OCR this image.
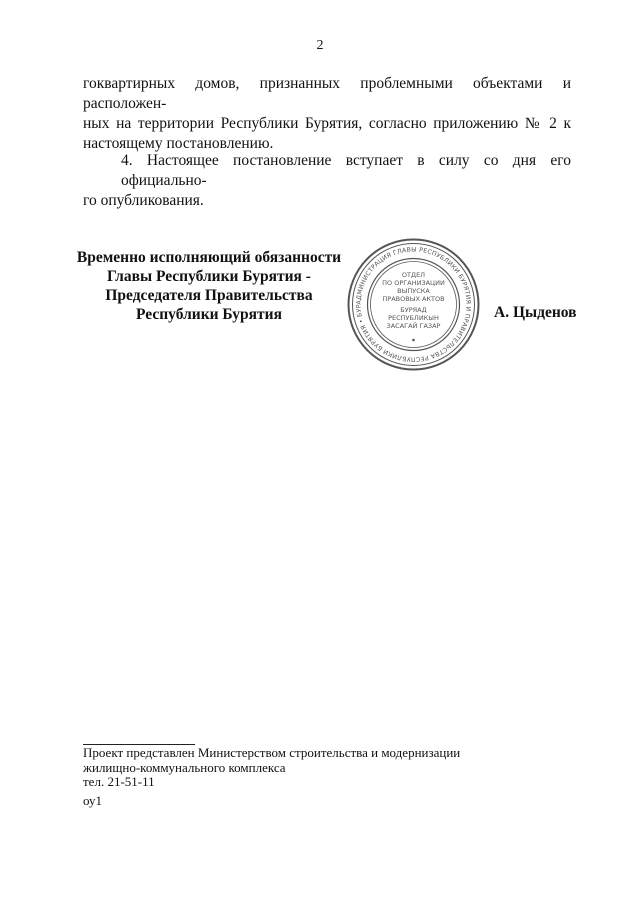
2
гоквартирных домов, признанных проблемными объектами и расположен-
ных на территории Республики Бурятия, согласно приложению № 2 к
настоящему постановлению.
4. Настоящее постановление вступает в силу со дня его официально-
го опубликования.
Временно исполняющий обязанности
Главы Республики Бурятия -
Председателя Правительства
Республики Бурятия
АДМИНИСТРАЦИЯ ГЛАВЫ РЕСПУБЛИКИ БУРЯТИЯ И ПРАВИТЕЛЬСТВА РЕСПУБЛИКИ БУРЯТИЯ • БУР
ОТДЕЛ
ПО ОРГАНИЗАЦИИ
ВЫПУСКА
ПРАВОВЫХ АКТОВ
БУРЯАД
РЕСПУБЛИКЫН
ЗАСАГАЙ ГАЗАР
А. Цыденов
Проект представлен Министерством строительства и модернизации
жилищно-коммунального комплекса
тел. 21-51-11
оу1
